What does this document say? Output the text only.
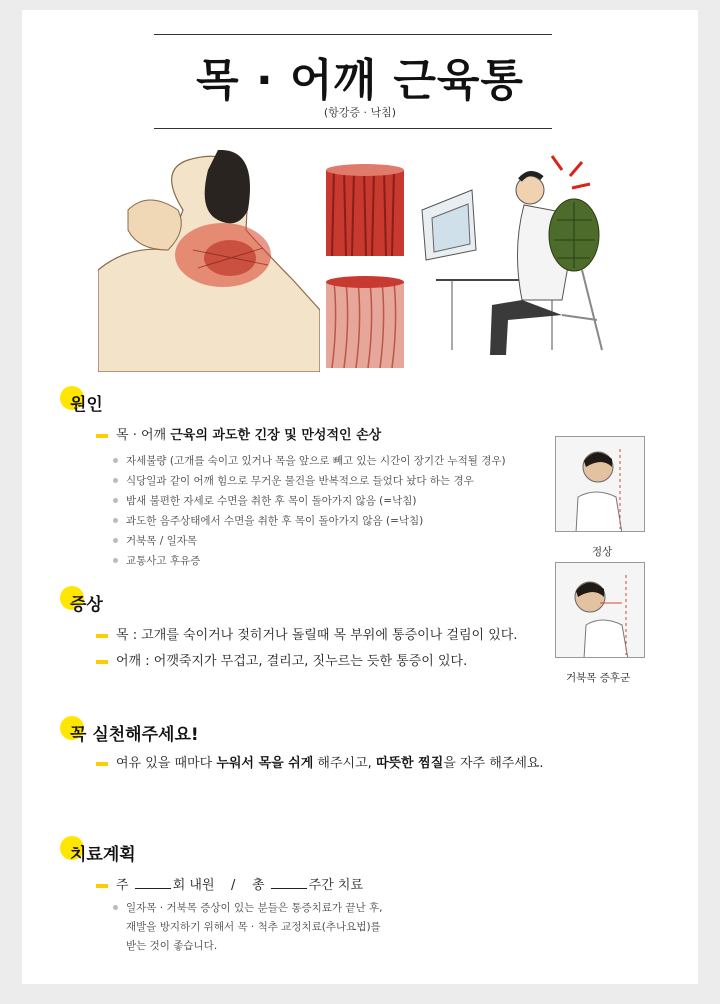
목 · 어깨 근육통
(항강증 · 낙침)
원인
목 · 어깨 근육의 과도한 긴장 및 만성적인 손상
자세불량 (고개를 숙이고 있거나 목을 앞으로 빼고 있는 시간이 장기간 누적될 경우)
식당일과 같이 어깨 힘으로 무거운 물건을 반복적으로 들었다 놨다 하는 경우
밤새 불편한 자세로 수면을 취한 후 목이 돌아가지 않음 (=낙침)
과도한 음주상태에서 수면을 취한 후 목이 돌아가지 않음 (=낙침)
거북목 / 일자목
교통사고 후유증
정상
거북목 증후군
증상
목 : 고개를 숙이거나 젖히거나 돌릴때 목 부위에 통증이나 걸림이 있다.
어깨 : 어깻죽지가 무겁고, 결리고, 짓누르는 듯한 통증이 있다.
꼭 실천해주세요!
여유 있을 때마다 누워서 목을 쉬게 해주시고, 따뜻한 찜질을 자주 해주세요.
치료계획
주	회 내원 / 총	주간 치료
일자목 · 거북목 증상이 있는 분들은 통증치료가 끝난 후,
재발을 방지하기 위해서 목 · 척추 교정치료(추나요법)를
받는 것이 좋습니다.
